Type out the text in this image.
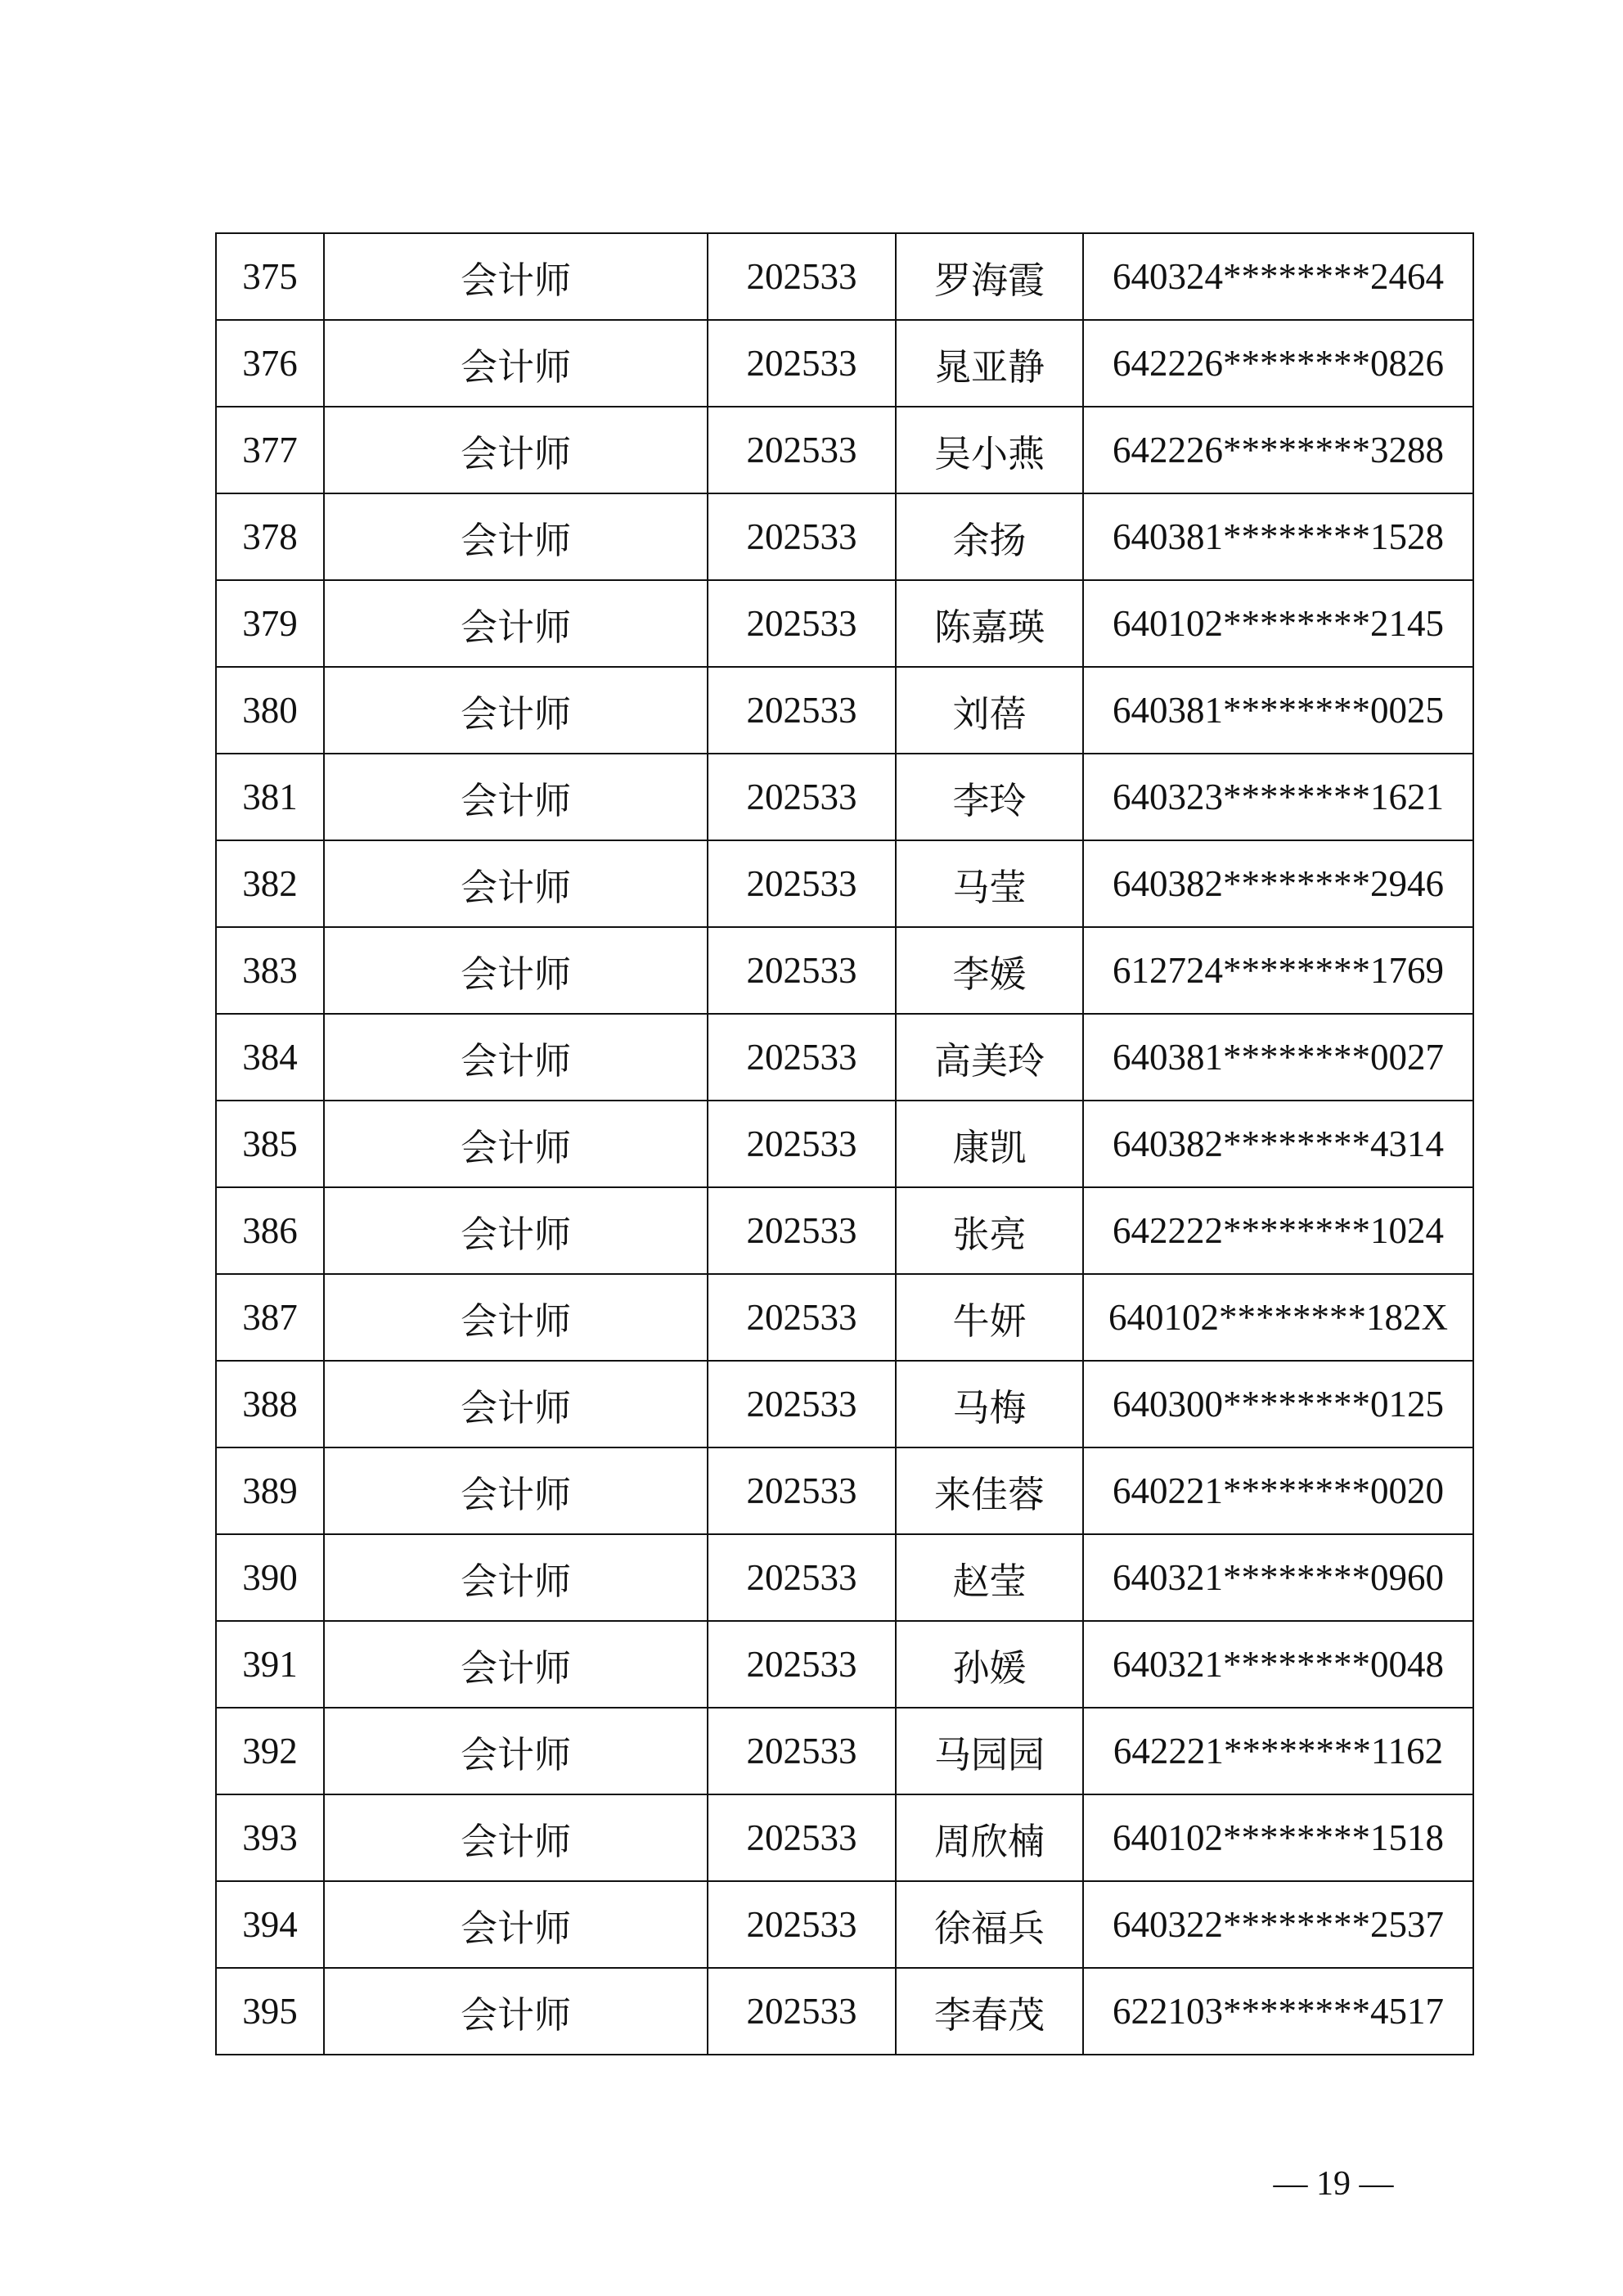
375	会计师	202533	罗海霞	640324********2464
376	会计师	202533	晁亚静	642226********0826
377	会计师	202533	吴小燕	642226********3288
378	会计师	202533	余扬	640381********1528
379	会计师	202533	陈嘉瑛	640102********2145
380	会计师	202533	刘蓓	640381********0025
381	会计师	202533	李玲	640323********1621
382	会计师	202533	马莹	640382********2946
383	会计师	202533	李媛	612724********1769
384	会计师	202533	高美玲	640381********0027
385	会计师	202533	康凯	640382********4314
386	会计师	202533	张亮	642222********1024
387	会计师	202533	牛妍	640102********182X
388	会计师	202533	马梅	640300********0125
389	会计师	202533	来佳蓉	640221********0020
390	会计师	202533	赵莹	640321********0960
391	会计师	202533	孙媛	640321********0048
392	会计师	202533	马园园	642221********1162
393	会计师	202533	周欣楠	640102********1518
394	会计师	202533	徐福兵	640322********2537
395	会计师	202533	李春茂	622103********4517
— 19 —
